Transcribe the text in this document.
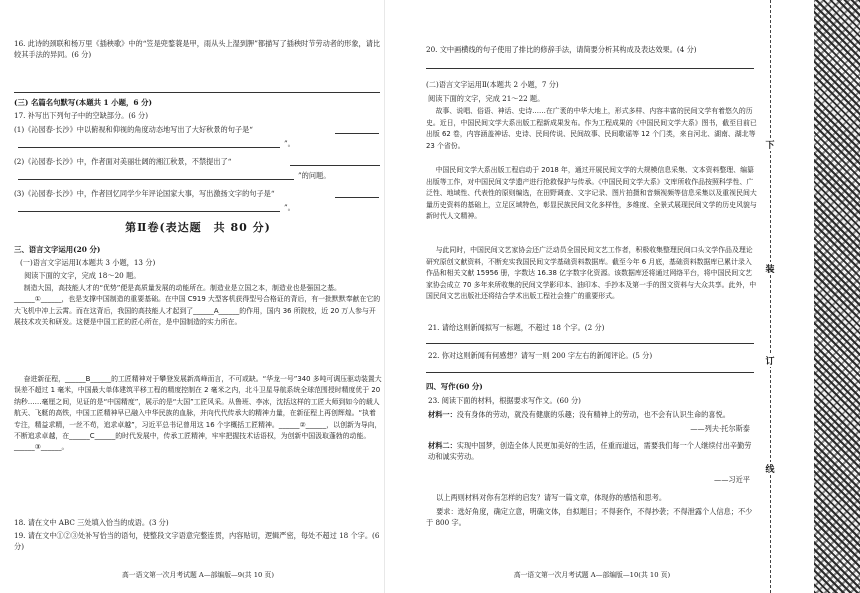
16. 此诗的颈联和杨万里《插秧歌》中的“笠是兜鍪蓑是甲，雨从头上湿到胛”都描写了插秧时节劳动者的形象，请比较其手法的异同。(6 分)
(三) 名篇名句默写(本题共 1 小题，6 分)
17. 补写出下列句子中的空缺部分。(6 分)
(1)《沁园春·长沙》中以俯视和仰视的角度动态地写出了大好秋景的句子是“
”。
(2)《沁园春·长沙》中，作者面对美丽壮阔的湘江秋景，不禁提出了“
”的问题。
(3)《沁园春·长沙》中，作者回忆同学少年评论国家大事，写出激扬文字的句子是“
”。
第Ⅱ卷(表达题　共 80 分)
三、语言文字运用(20 分)
(一)语言文字运用Ⅰ(本题共 3 小题，13 分)
阅读下面的文字，完成 18～20 题。
制造大国，高技能人才的“优势”便是高质量发展的动能所在。制造业是立国之本，制造业也是强国之基。______①______，也是支撑中国制造的重要基础。在中国 C919 大型客机获得型号合格证的背后，有一批默默奉献在它的大飞机中冲上云霄。而在这背后，我国的高技能人才起到了______A______的作用，国内 36 所院校，近 20 万人参与开展技术攻关和研发。这便是中国工匠的匠心所在，是中国制造的实力所在。
奋进新征程，______B______的工匠精神对于攀登发展新高峰而言，不可或缺。“华龙一号”340 多吨可调压驱动装置大误差不超过 1 毫米，中国最大单体建筑平移工程的精度控制在 2 毫米之内，北斗卫星导航系统全球范围授时精度优于 20 纳秒……毫厘之间，见证的是“中国精度”，展示的是“大国”工匠风采。从鲁班、李冰，沈括这样的工匠大师到如今的载人航天、飞艇的高铁，中国工匠精神早已融入中华民族的血脉，并向代代传承大的精神力量，在新征程上再创辉煌。“执着专注，精益求精，一丝不苟，追求卓越”，习近平总书记曾用这 16 个字概括工匠精神。______②______，以创新为导向，不断追求卓越，在______C______的时代发展中，传承工匠精神，牢牢把握技术话语权，为创新中国汲取蓬勃的动能。______③______。
18. 请在文中 ABC 三处填入恰当的成语。(3 分)
19. 请在文中①②③处补写恰当的语句，使整段文字语意完整连贯，内容贴切，逻辑严密，每处不超过 18 个字。(6 分)
高一语文第一次月考试题 A—部编版—9(共 10 页)
20. 文中画横线的句子使用了排比的修辞手法，请简要分析其构成及表达效果。(4 分)
(二)语言文字运用Ⅱ(本题共 2 小题，7 分)
阅读下面的文字，完成 21～22 题。
故事、说唱、俗语、神话、史诗……在广袤的中华大地上，形式多样、内容丰富的民间文学有着悠久的历史。近日，中国民间文学大系出版工程新成果发布。作为工程成果的《中国民间文学大系》图书，截至目前已出版 62 卷，内容涵盖神话、史诗、民间传说、民间故事、民间歌谣等 12 个门类，来自河北、湖南、湖北等 23 个省份。
中国民间文学大系出版工程启动于 2018 年，通过开展民间文学的大规模信息采集、文本资料整理、编纂出版等工作，对中国民间文学遗产进行抢救保护与传承。《中国民间文学大系》文库所收作品按照科学性、广泛性、地域性、代表性的原则编选，在田野调查、文字记录、图片拍摄和音频视频等信息采集以及重视民间大量历史资料的基础上，立足区域特色，彰显民族民间文化多样性，多维度、全景式展现民间文学的历史风貌与新时代人文精神。
与此同时，中国民间文艺家协会还广泛动员全国民间文艺工作者，积极收集整理民间口头文学作品及理论研究原创文献资料，不断充实我国民间文学基础资料数据库。截至今年 6 月底，基础资料数据库已累计录入作品和相关文献 15956 册，字数达 16.38 亿字数字化资源。该数据库还将通过网络平台，将中国民间文艺家协会成立 70 多年来所收集的民间文学影印本、油印本、手抄本及第一手的图文资料与大众共享。此外，中国民间文艺出版社还将结合学术出版工程社会推广的重要形式。
21. 请给这则新闻拟写一标题，不超过 18 个字。(2 分)
22. 你对这则新闻有何感想？请写一则 200 字左右的新闻评论。(5 分)
四、写作(60 分)
23. 阅读下面的材料，根据要求写作文。(60 分)
材料一：没有身体的劳动，就没有健康的乐趣；没有精神上的劳动，也不会有认识生命的喜悦。
——列夫·托尔斯泰
材料二：实现中国梦，创造全体人民更加美好的生活，任重而道远，需要我们每一个人继续付出辛勤劳动和诚实劳动。
——习近平
以上两则材料对你有怎样的启发？请写一篇文章，体现你的感悟和思考。
要求：选好角度，确定立意，明确文体，自拟题目；不得套作，不得抄袭；不得泄露个人信息；不少于 800 字。
高一语文第一次月考试题 A—部编版—10(共 10 页)
下
装
订
线
